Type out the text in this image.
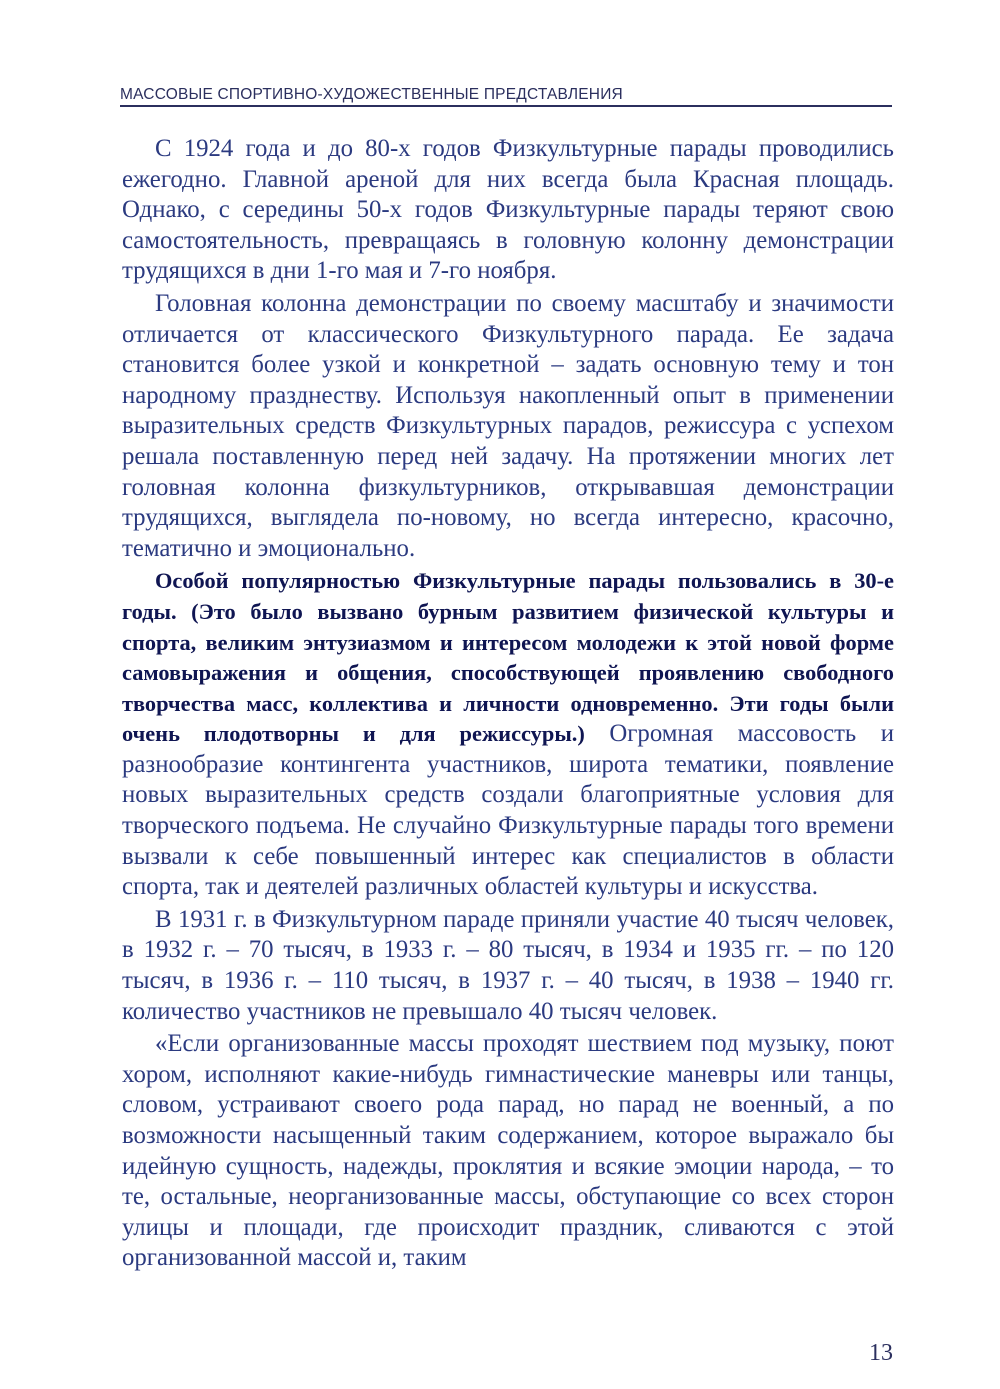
МАССОВЫЕ СПОРТИВНО-ХУДОЖЕСТВЕННЫЕ ПРЕДСТАВЛЕНИЯ

С 1924 года и до 80-х годов Физкультурные парады проводились ежегодно. Главной ареной для них всегда была Красная площадь. Однако, с середины 50-х годов Физкультурные парады теряют свою самостоятельность, превращаясь в головную колонну демонстрации трудящихся в дни 1-го мая и 7-го ноября.

Головная колонна демонстрации по своему масштабу и значимости отличается от классического Физкультурного парада. Ее задача становится более узкой и конкретной – задать основную тему и тон народному празднеству. Используя накопленный опыт в применении выразительных средств Физкультурных парадов, режиссура с успехом решала поставленную перед ней задачу. На протяжении многих лет головная колонна физкультурников, открывавшая демонстрации трудящихся, выглядела по-новому, но всегда интересно, красочно, тематично и эмоционально.

Особой популярностью Физкультурные парады пользовались в 30-е годы. (Это было вызвано бурным развитием физической культуры и спорта, великим энтузиазмом и интересом молодежи к этой новой форме самовыражения и общения, способствующей проявлению свободного творчества масс, коллектива и личности одновременно. Эти годы были очень плодотворны и для режиссуры.) Огромная массовость и разнообразие контингента участников, широта тематики, появление новых выразительных средств создали благоприятные условия для творческого подъема. Не случайно Физкультурные парады того времени вызвали к себе повышенный интерес как специалистов в области спорта, так и деятелей различных областей культуры и искусства.

В 1931 г. в Физкультурном параде приняли участие 40 тысяч человек, в 1932 г. – 70 тысяч, в 1933 г. – 80 тысяч, в 1934 и 1935 гг. – по 120 тысяч, в 1936 г. – 110 тысяч, в 1937 г. – 40 тысяч, в 1938 – 1940 гг. количество участников не превышало 40 тысяч человек.

«Если организованные массы проходят шествием под музыку, поют хором, исполняют какие-нибудь гимнастические маневры или танцы, словом, устраивают своего рода парад, но парад не военный, а по возможности насыщенный таким содержанием, которое выражало бы идейную сущность, надежды, проклятия и всякие эмоции народа, – то те, остальные, неорганизованные массы, обступающие со всех сторон улицы и площади, где происходит праздник, сливаются с этой организованной массой и, таким

13
